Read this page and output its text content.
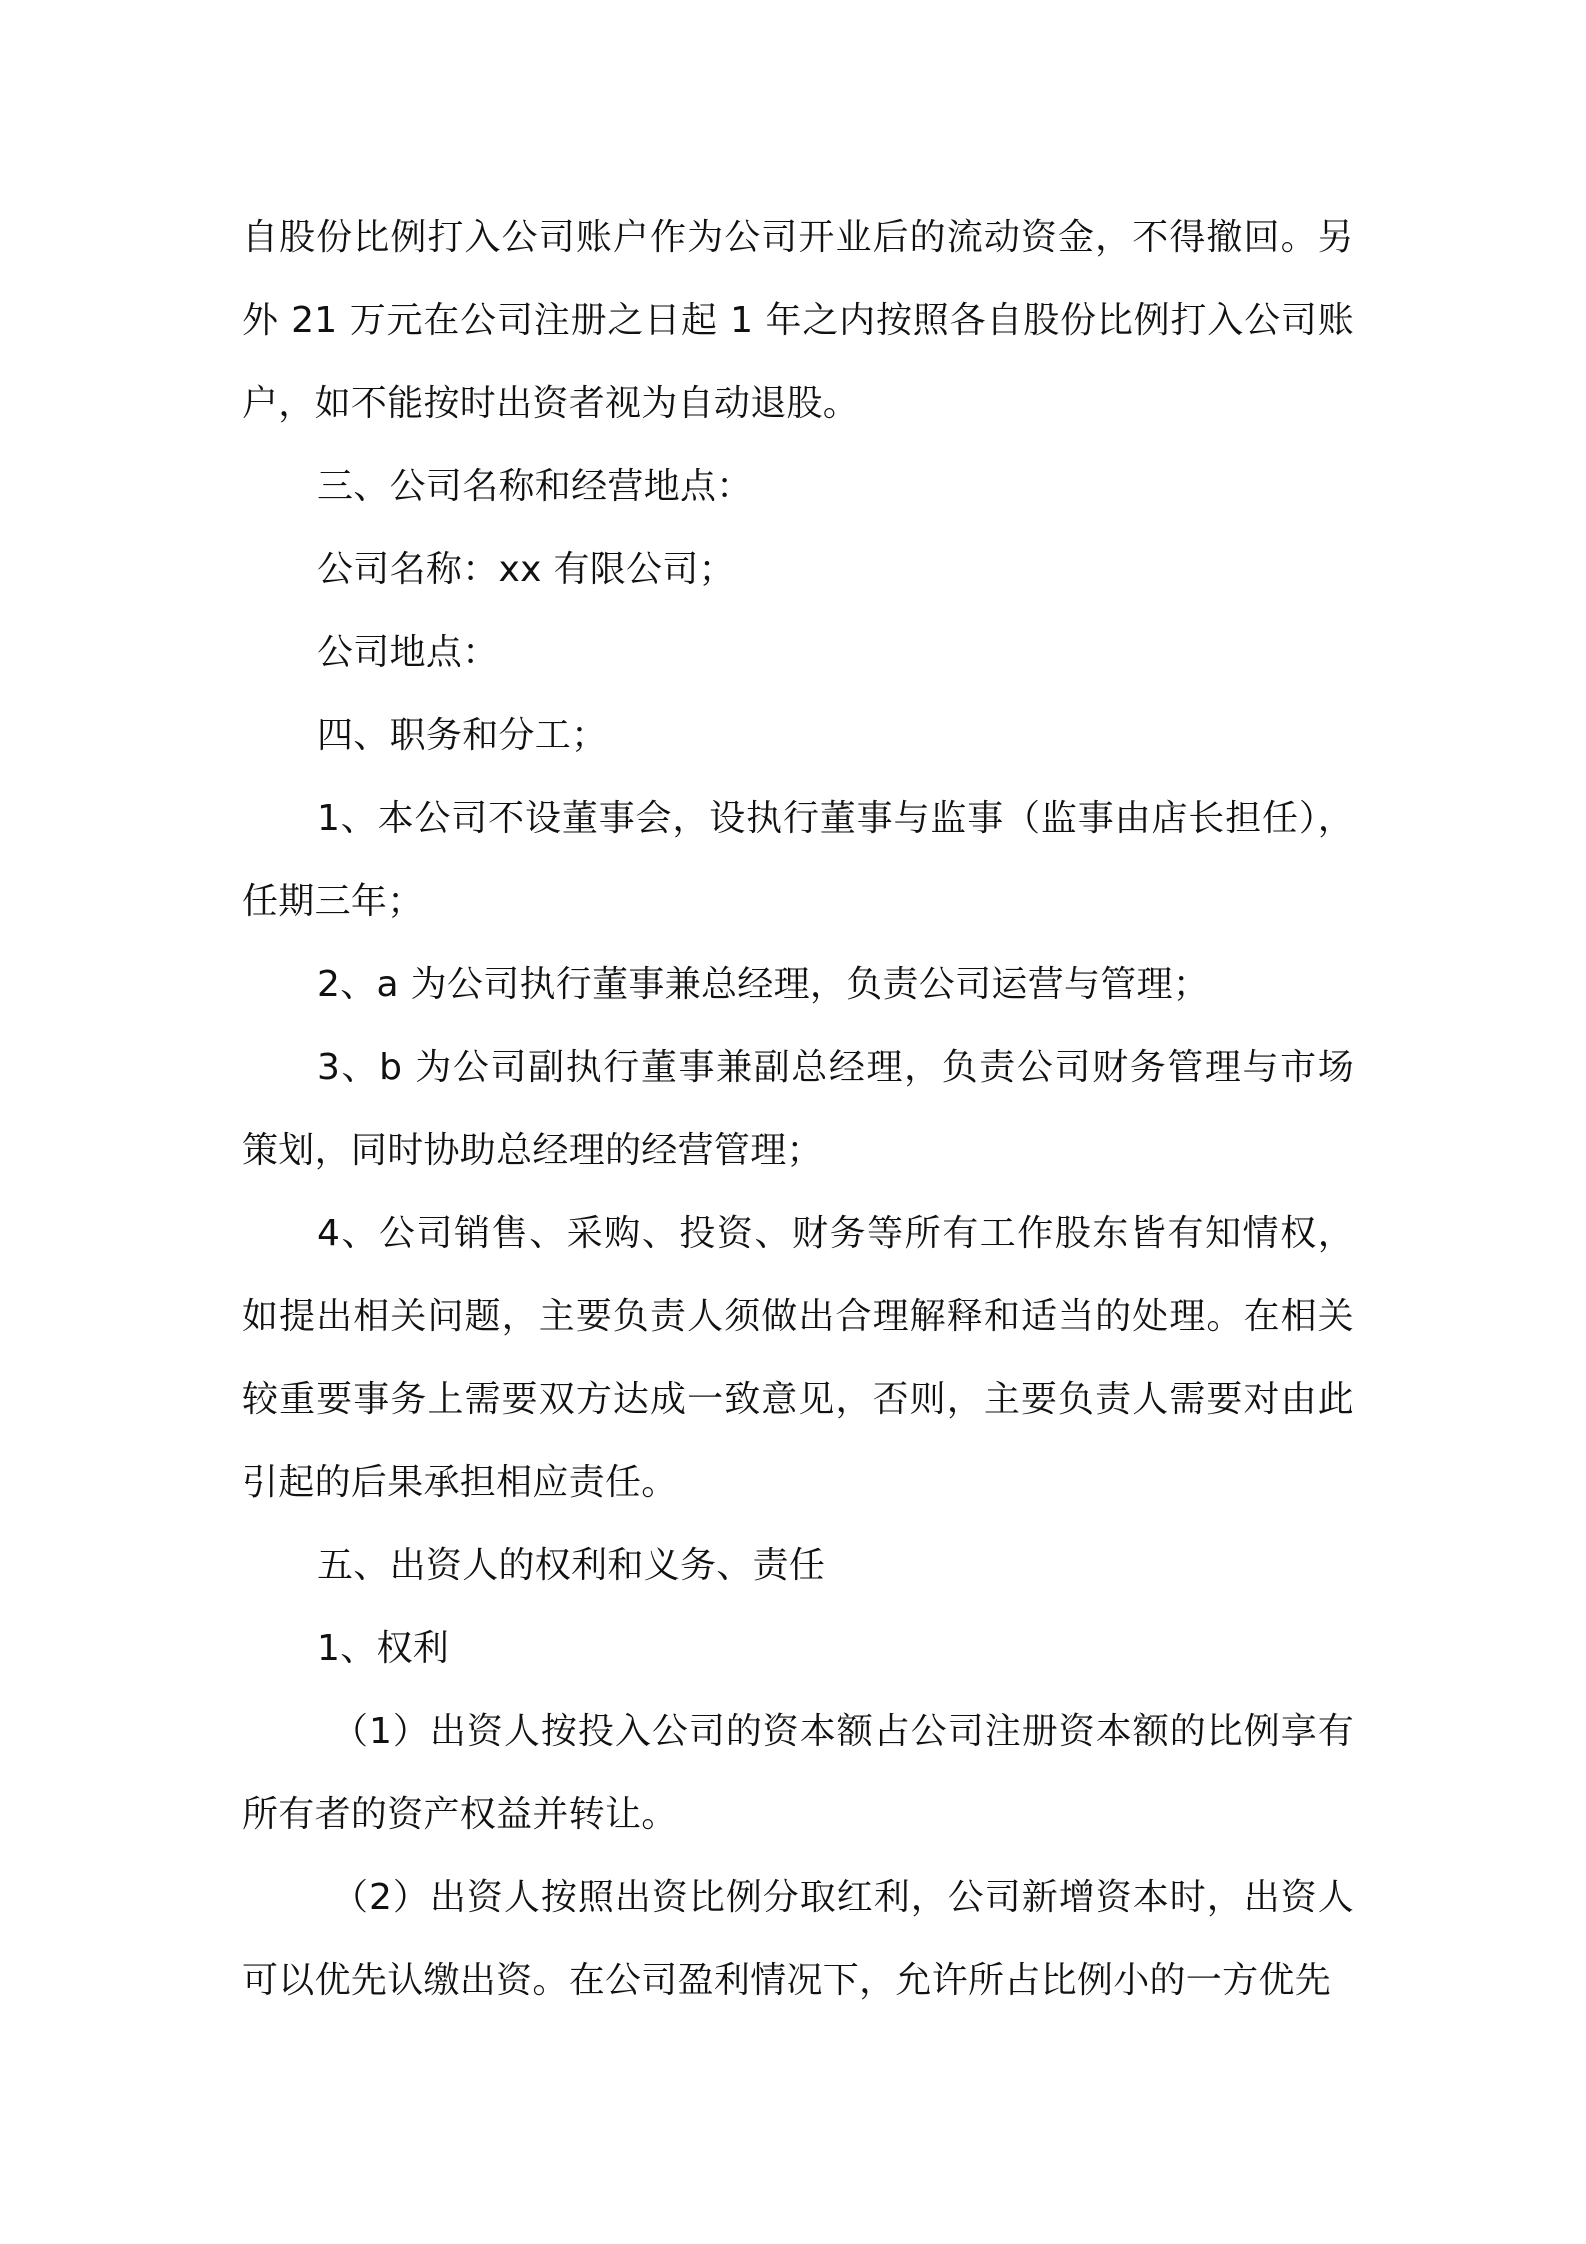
自股份比例打入公司账户作为公司开业后的流动资金，不得撤回。另外 21 万元在公司注册之日起 1 年之内按照各自股份比例打入公司账户，如不能按时出资者视为自动退股。

三、公司名称和经营地点：

公司名称：xx 有限公司；

公司地点：

四、职务和分工；

1、本公司不设董事会，设执行董事与监事（监事由店长担任），任期三年；

2、a 为公司执行董事兼总经理，负责公司运营与管理；

3、b 为公司副执行董事兼副总经理，负责公司财务管理与市场策划，同时协助总经理的经营管理；

4、公司销售、采购、投资、财务等所有工作股东皆有知情权，如提出相关问题，主要负责人须做出合理解释和适当的处理。在相关较重要事务上需要双方达成一致意见，否则，主要负责人需要对由此引起的后果承担相应责任。

五、出资人的权利和义务、责任

1、权利

（1）出资人按投入公司的资本额占公司注册资本额的比例享有所有者的资产权益并转让。

（2）出资人按照出资比例分取红利，公司新增资本时，出资人可以优先认缴出资。在公司盈利情况下，允许所占比例小的一方优先
